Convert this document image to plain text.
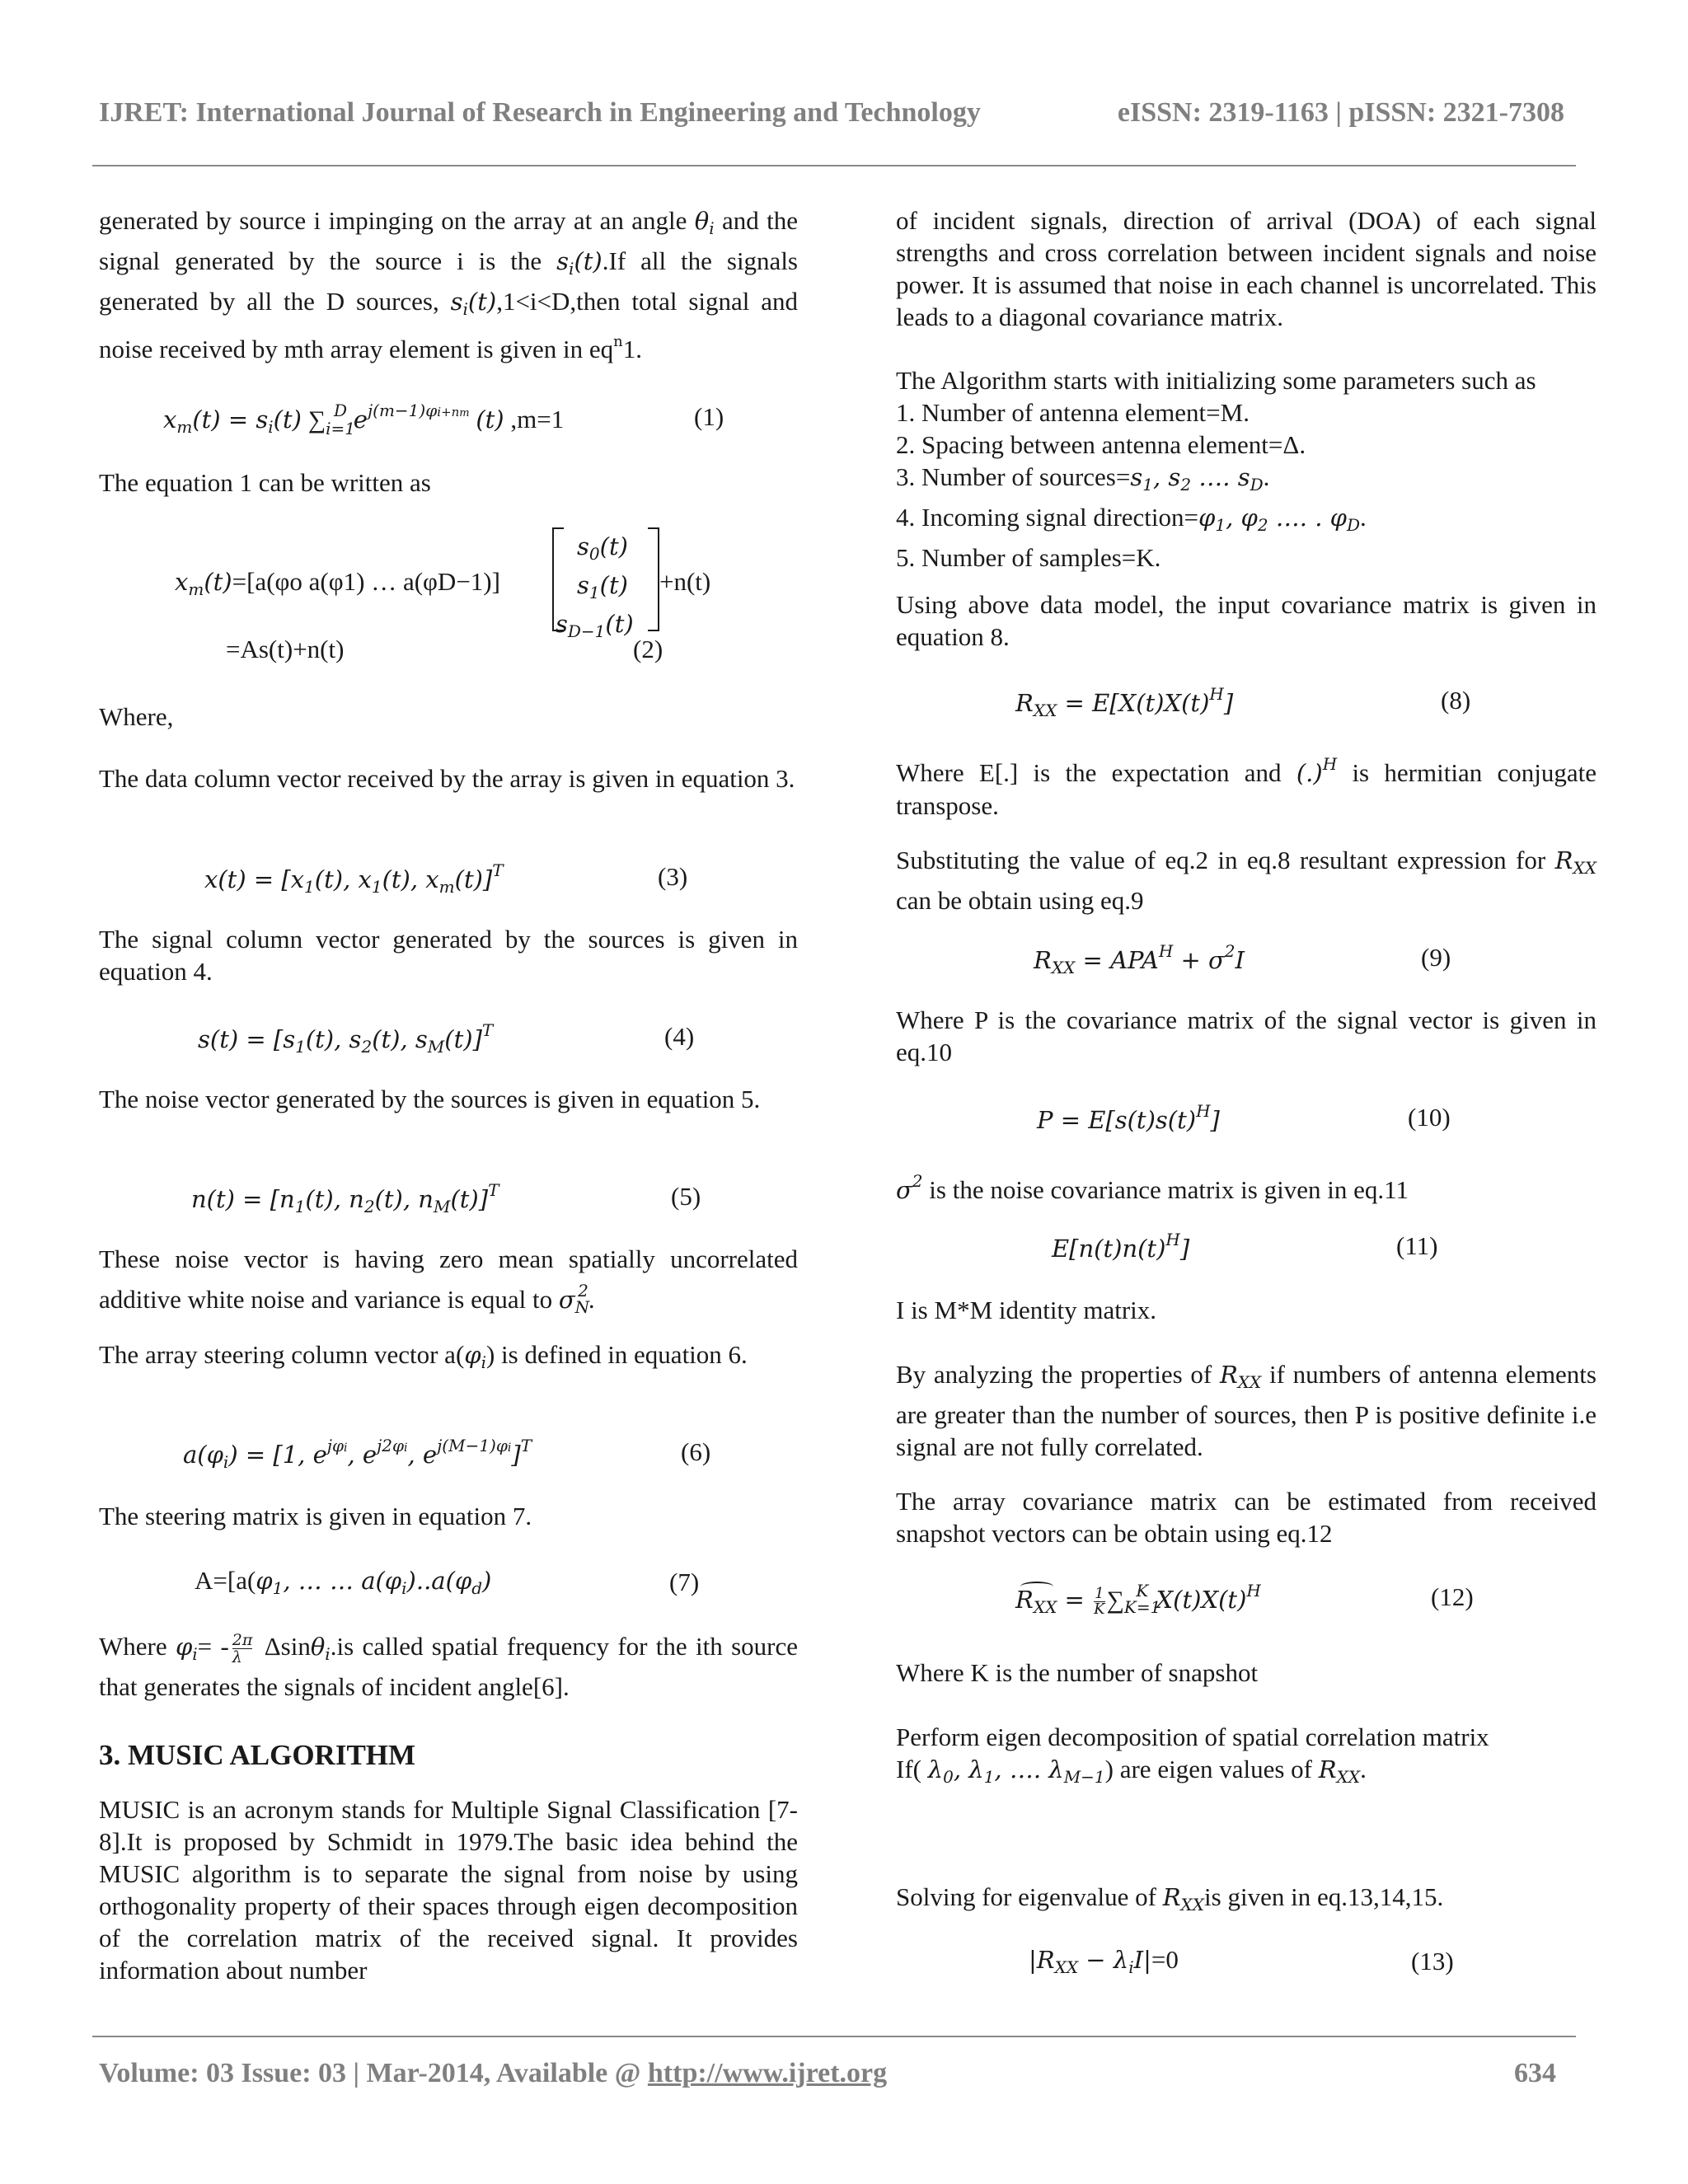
IJRET: International Journal of Research in Engineering and Technology	eISSN: 2319-1163 | pISSN: 2321-7308

generated by source i impinging on the array at an angle $\theta_i$ and the signal generated by the source i is the $s_i(t).If$ all the signals generated by all the D sources, $s_i(t),1<i<D,then$ total signal and noise received by mth array element is given in $eq^n1$.

$x_m(t) = s_i(t)$ $\sum_{i=1}^D$ $e^{j(m-1)\varphi i+nm}$ (t) ,m=1	(1)
The equation 1 can be written as
$x_m(t)=[a(\varphi o$ a(φ1) … a(φD−1)]
$s_0(t)$
$s_1(t)$
$s_{D-1}(t)$
+n(t)
=As(t)+n(t)	(2)
Where,

The data column vector received by the array is given in equation 3.

$x(t) = [x_1(t)$, $x_1(t)$, $x_m(t)]^T$	(3)

The signal column vector generated by the sources is given in equation 4.

$s(t) = [s_1(t)$, $s_2(t)$, $s_M(t)]^T$	(4)

The noise vector generated by the sources is given in equation 5.

$n(t) = [n_1(t)$, $n_2(t)$, $n_M(t)]^T$	(5)

These noise vector is having zero mean spatially uncorrelated additive white noise and variance is equal to $\sigma_N^2$.

The array steering column vector $a(\varphi_i)$ is defined in equation 6.

$a(\varphi_i) = [1$, $e^{j\varphi i}$, $e^{j2\varphi i}$, $e^{j(M-1)\varphi i}]^T$	(6)
The steering matrix is given in equation 7.
$A=[a(\varphi_1$, … … $a(\varphi_i)..a(\varphi_d)$	(7)

Where $\varphi_i= - \frac{2\pi}{\lambda} \Delta\sin\theta_i.is$ called spatial frequency for the ith source that generates the signals of incident angle[6].

3. MUSIC ALGORITHM

MUSIC is an acronym stands for Multiple Signal Classification [7-8].It is proposed by Schmidt in 1979.The basic idea behind the MUSIC algorithm is to separate the signal from noise by using orthogonality property of their spaces through eigen decomposition of the correlation matrix of the received signal. It provides information about number

of incident signals, direction of arrival (DOA) of each signal strengths and cross correlation between incident signals and noise power. It is assumed that noise in each channel is uncorrelated. This leads to a diagonal covariance matrix.

The Algorithm starts with initializing some parameters such as
1. Number of antenna element=M.
2. Spacing between antenna element=Δ.
3. Number of $sources=s_1$, $s_2$ …. $s_D$.
4. Incoming signal $direction=\varphi_1$, $\varphi_2$ …. . $\varphi_D$.
5. Number of samples=K.

Using above data model, the input covariance matrix is given in equation 8.

$R_{XX} = E[X(t)X(t)^H]$	(8)

Where E[.] is the expectation and (.)$^H$ is hermitian conjugate transpose.

Substituting the value of eq.2 in eq.8 resultant expression for $R_{XX}$ can be obtain using eq.9

$R_{XX} = APA^H + \sigma^2I$	(9)

Where P is the covariance matrix of the signal vector is given in eq.10

$P = E[s(t)s(t)^H]$	(10)
$\sigma^2$ is the noise covariance matrix is given in eq.11
$E[n(t)n(t)^H]$	(11)
I is M*M identity matrix.

By analyzing the properties of $R_{XX}$ if numbers of antenna elements are greater than the number of sources, then P is positive definite i.e signal are not fully correlated.

The array covariance matrix can be estimated from received snapshot vectors can be obtain using eq.12

$R_{XX} = \frac{1}{K} \sum_{K=1}^K$ $X(t)X(t)^H$	(12)
Where K is the number of snapshot
Perform eigen decomposition of spatial correlation matrix
If( $\lambda_0$, $\lambda_1$, …. $\lambda_{M-1}$) are eigen values of $R_{XX}$.
Solving for eigenvalue of $R_{XX}is$ given in eq.13,14,15.
$|R_{XX} - \lambda_iI|=0$	(13)
Volume: 03 Issue: 03 | Mar-2014, Available @ http://www.ijret.org	634
